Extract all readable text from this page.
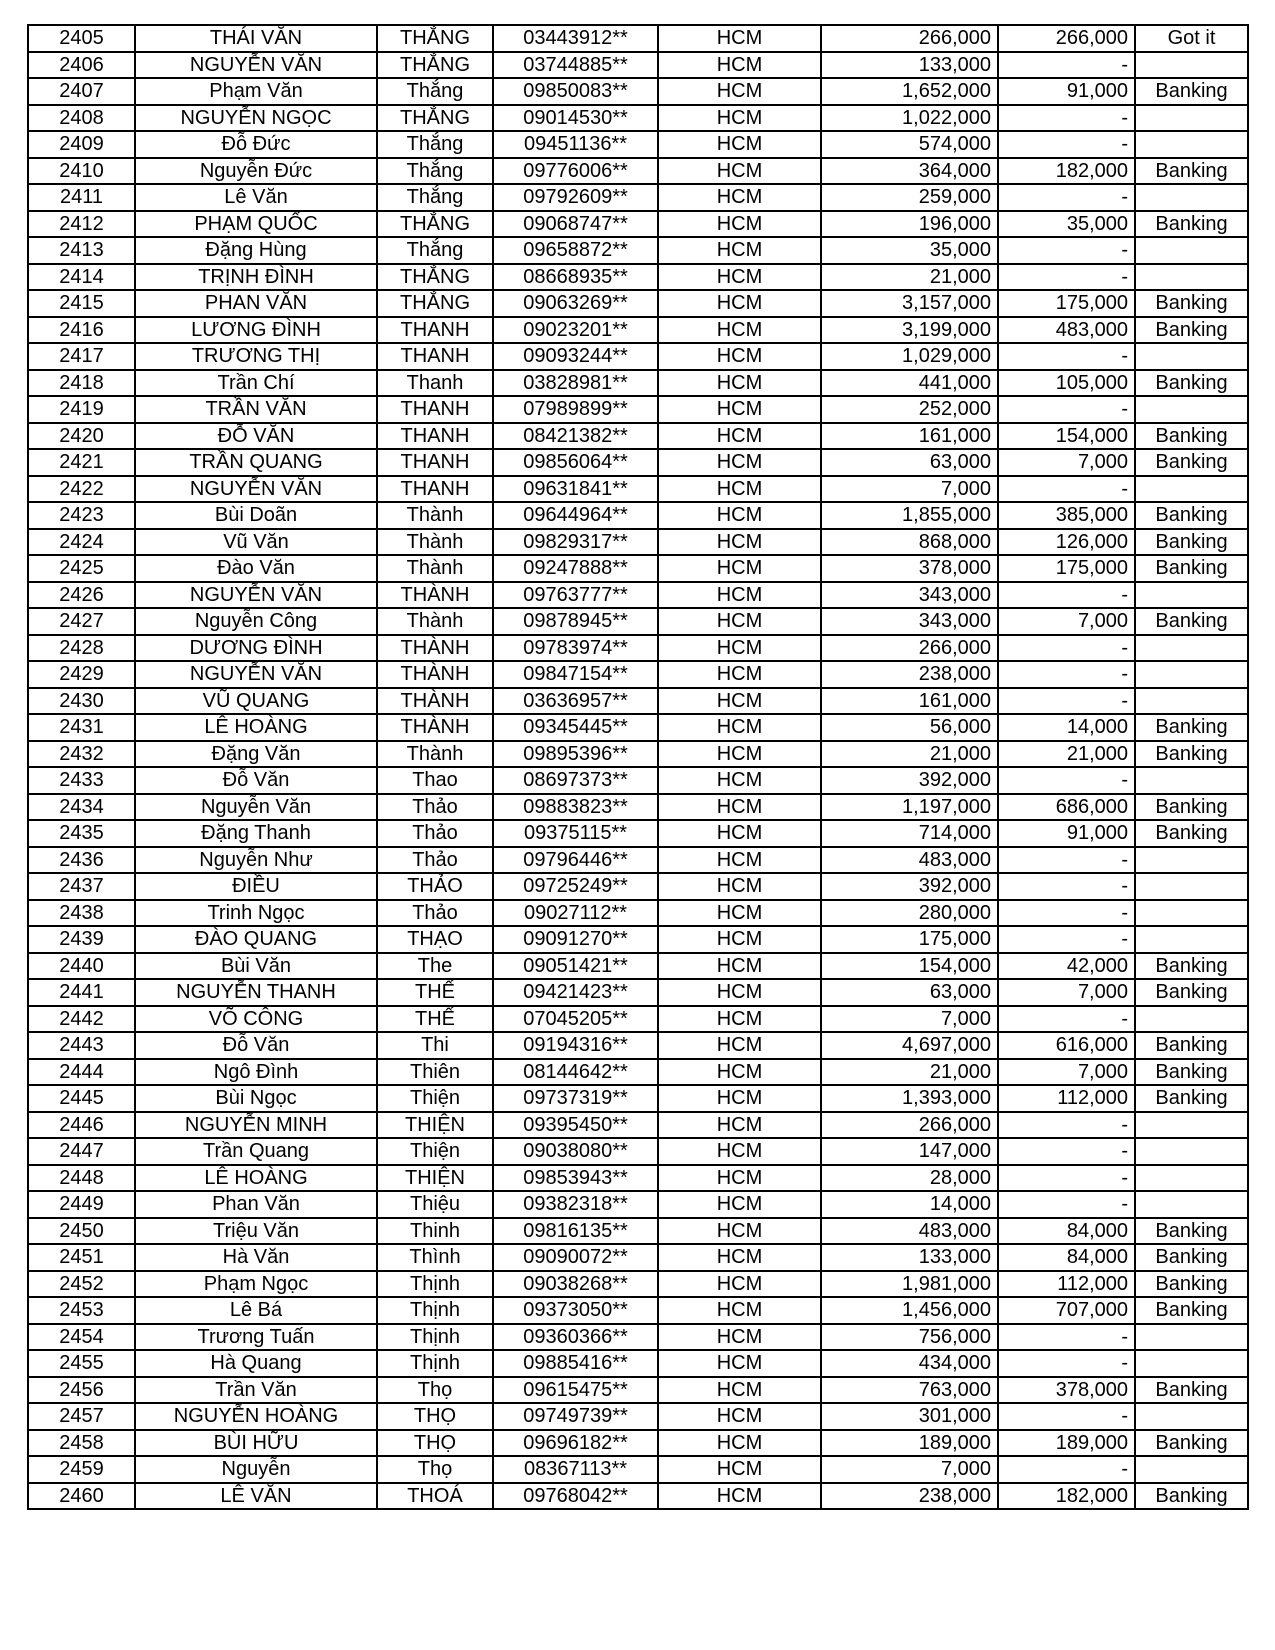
2405	THÁI VĂN	THẮNG	03443912**	HCM	266,000	266,000	Got it
2406	NGUYỄN VĂN	THẮNG	03744885**	HCM	133,000	-	
2407	Phạm Văn	Thắng	09850083**	HCM	1,652,000	91,000	Banking
2408	NGUYỄN NGỌC	THẮNG	09014530**	HCM	1,022,000	-	
2409	Đỗ Đức	Thắng	09451136**	HCM	574,000	-	
2410	Nguyễn Đức	Thắng	09776006**	HCM	364,000	182,000	Banking
2411	Lê Văn	Thắng	09792609**	HCM	259,000	-	
2412	PHẠM QUỐC	THẮNG	09068747**	HCM	196,000	35,000	Banking
2413	Đặng Hùng	Thắng	09658872**	HCM	35,000	-	
2414	TRỊNH ĐÌNH	THẮNG	08668935**	HCM	21,000	-	
2415	PHAN VĂN	THẮNG	09063269**	HCM	3,157,000	175,000	Banking
2416	LƯƠNG ĐÌNH	THANH	09023201**	HCM	3,199,000	483,000	Banking
2417	TRƯƠNG THỊ	THANH	09093244**	HCM	1,029,000	-	
2418	Trần Chí	Thanh	03828981**	HCM	441,000	105,000	Banking
2419	TRẦN VĂN	THANH	07989899**	HCM	252,000	-	
2420	ĐỖ VĂN	THANH	08421382**	HCM	161,000	154,000	Banking
2421	TRẦN QUANG	THANH	09856064**	HCM	63,000	7,000	Banking
2422	NGUYỄN VĂN	THANH	09631841**	HCM	7,000	-	
2423	Bùi Doãn	Thành	09644964**	HCM	1,855,000	385,000	Banking
2424	Vũ Văn	Thành	09829317**	HCM	868,000	126,000	Banking
2425	Đào Văn	Thành	09247888**	HCM	378,000	175,000	Banking
2426	NGUYỄN VĂN	THÀNH	09763777**	HCM	343,000	-	
2427	Nguyễn Công	Thành	09878945**	HCM	343,000	7,000	Banking
2428	DƯƠNG ĐÌNH	THÀNH	09783974**	HCM	266,000	-	
2429	NGUYỄN VĂN	THÀNH	09847154**	HCM	238,000	-	
2430	VŨ QUANG	THÀNH	03636957**	HCM	161,000	-	
2431	LÊ HOÀNG	THÀNH	09345445**	HCM	56,000	14,000	Banking
2432	Đặng Văn	Thành	09895396**	HCM	21,000	21,000	Banking
2433	Đỗ Văn	Thao	08697373**	HCM	392,000	-	
2434	Nguyễn Văn	Thảo	09883823**	HCM	1,197,000	686,000	Banking
2435	Đặng Thanh	Thảo	09375115**	HCM	714,000	91,000	Banking
2436	Nguyễn Như	Thảo	09796446**	HCM	483,000	-	
2437	ĐIỀU	THẢO	09725249**	HCM	392,000	-	
2438	Trinh Ngọc	Thảo	09027112**	HCM	280,000	-	
2439	ĐÀO QUANG	THẠO	09091270**	HCM	175,000	-	
2440	Bùi Văn	The	09051421**	HCM	154,000	42,000	Banking
2441	NGUYỄN THANH	THẾ	09421423**	HCM	63,000	7,000	Banking
2442	VÕ CÔNG	THẾ	07045205**	HCM	7,000	-	
2443	Đỗ Văn	Thi	09194316**	HCM	4,697,000	616,000	Banking
2444	Ngô Đình	Thiên	08144642**	HCM	21,000	7,000	Banking
2445	Bùi Ngọc	Thiện	09737319**	HCM	1,393,000	112,000	Banking
2446	NGUYỄN MINH	THIỆN	09395450**	HCM	266,000	-	
2447	Trần Quang	Thiện	09038080**	HCM	147,000	-	
2448	LÊ HOÀNG	THIỆN	09853943**	HCM	28,000	-	
2449	Phan Văn	Thiệu	09382318**	HCM	14,000	-	
2450	Triệu Văn	Thinh	09816135**	HCM	483,000	84,000	Banking
2451	Hà Văn	Thình	09090072**	HCM	133,000	84,000	Banking
2452	Phạm Ngọc	Thịnh	09038268**	HCM	1,981,000	112,000	Banking
2453	Lê Bá	Thịnh	09373050**	HCM	1,456,000	707,000	Banking
2454	Trương Tuấn	Thịnh	09360366**	HCM	756,000	-	
2455	Hà Quang	Thịnh	09885416**	HCM	434,000	-	
2456	Trần Văn	Thọ	09615475**	HCM	763,000	378,000	Banking
2457	NGUYỄN HOÀNG	THỌ	09749739**	HCM	301,000	-	
2458	BÙI HỮU	THỌ	09696182**	HCM	189,000	189,000	Banking
2459	Nguyễn	Thọ	08367113**	HCM	7,000	-	
2460	LÊ VĂN	THOÁ	09768042**	HCM	238,000	182,000	Banking
